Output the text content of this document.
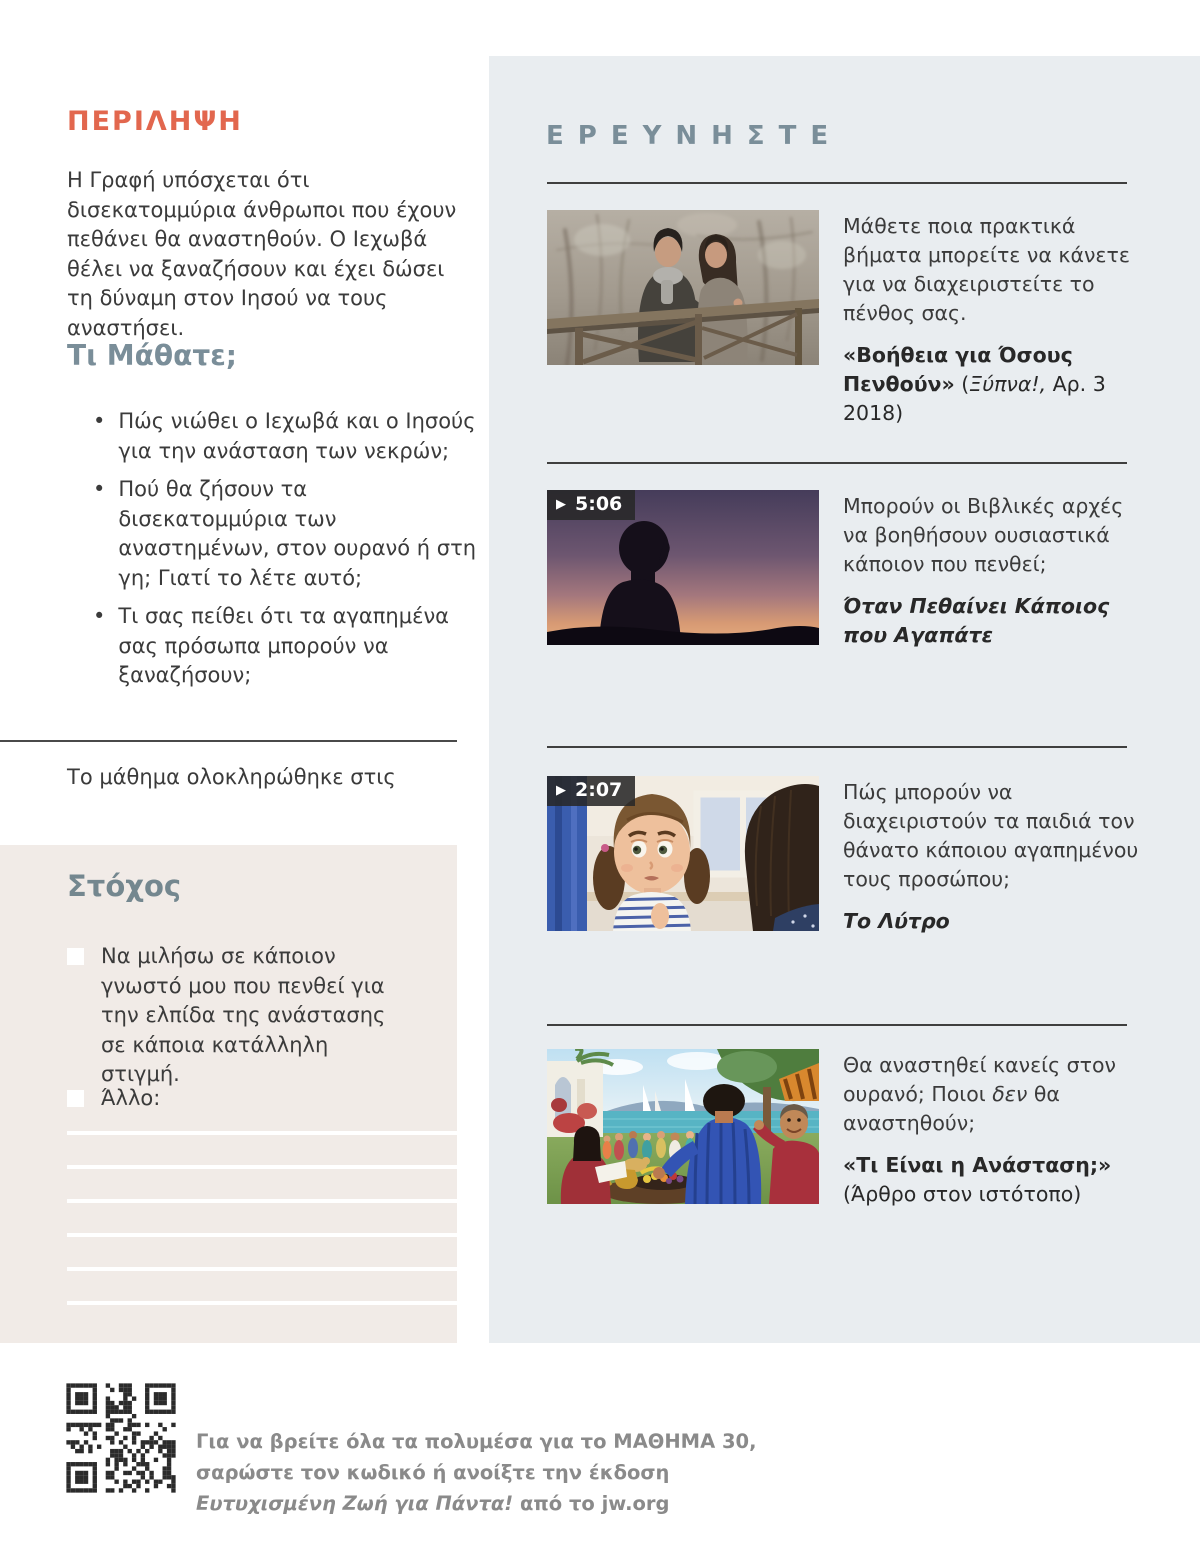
ΠΕΡΙΛΗΨΗ

Η Γραφή υπόσχεται ότι δισεκατομμύρια άνθρωποι που έχουν πεθάνει θα αναστηθούν. Ο Ιεχωβά θέλει να ξαναζήσουν και έχει δώσει τη δύναμη στον Ιησού να τους αναστήσει.

Τι Μάθατε;
• Πώς νιώθει ο Ιεχωβά και ο Ιησούς για την ανάσταση των νεκρών;
• Πού θα ζήσουν τα δισεκατομμύρια των αναστημένων, στον ουρανό ή στη γη; Γιατί το λέτε αυτό;
• Τι σας πείθει ότι τα αγαπημένα σας πρόσωπα μπορούν να ξαναζήσουν;

Το μάθημα ολοκληρώθηκε στις

Στόχος
Να μιλήσω σε κάποιον γνωστό μου που πενθεί για την ελπίδα της ανάστασης σε κάποια κατάλληλη στιγμή.
Άλλο:
ΕΡΕΥΝΗΣΤΕ

Μάθετε ποια πρακτικά βήματα μπορείτε να κάνετε για να διαχειριστείτε το πένθος σας.

«Βοήθεια για Όσους Πενθούν» (Ξύπνα!, Αρ. 3 2018)

▶ 5:06	Μπορούν οι Βιβλικές αρχές να βοηθήσουν ουσιαστικά κάποιον που πενθεί;

Όταν Πεθαίνει Κάποιος που Αγαπάτε

▶ 2:07	Πώς μπορούν να διαχειριστούν τα παιδιά τον θάνατο κάποιου αγαπημένου τους προσώπου;

Το Λύτρο

Θα αναστηθεί κανείς στον ουρανό; Ποιοι δεν θα αναστηθούν;

«Τι Είναι η Ανάσταση;»
(Άρθρο στον ιστότοπο)

Για να βρείτε όλα τα πολυμέσα για το ΜΑΘΗΜΑ 30,
σαρώστε τον κωδικό ή ανοίξτε την έκδοση
Ευτυχισμένη Ζωή για Πάντα! από το jw.org
